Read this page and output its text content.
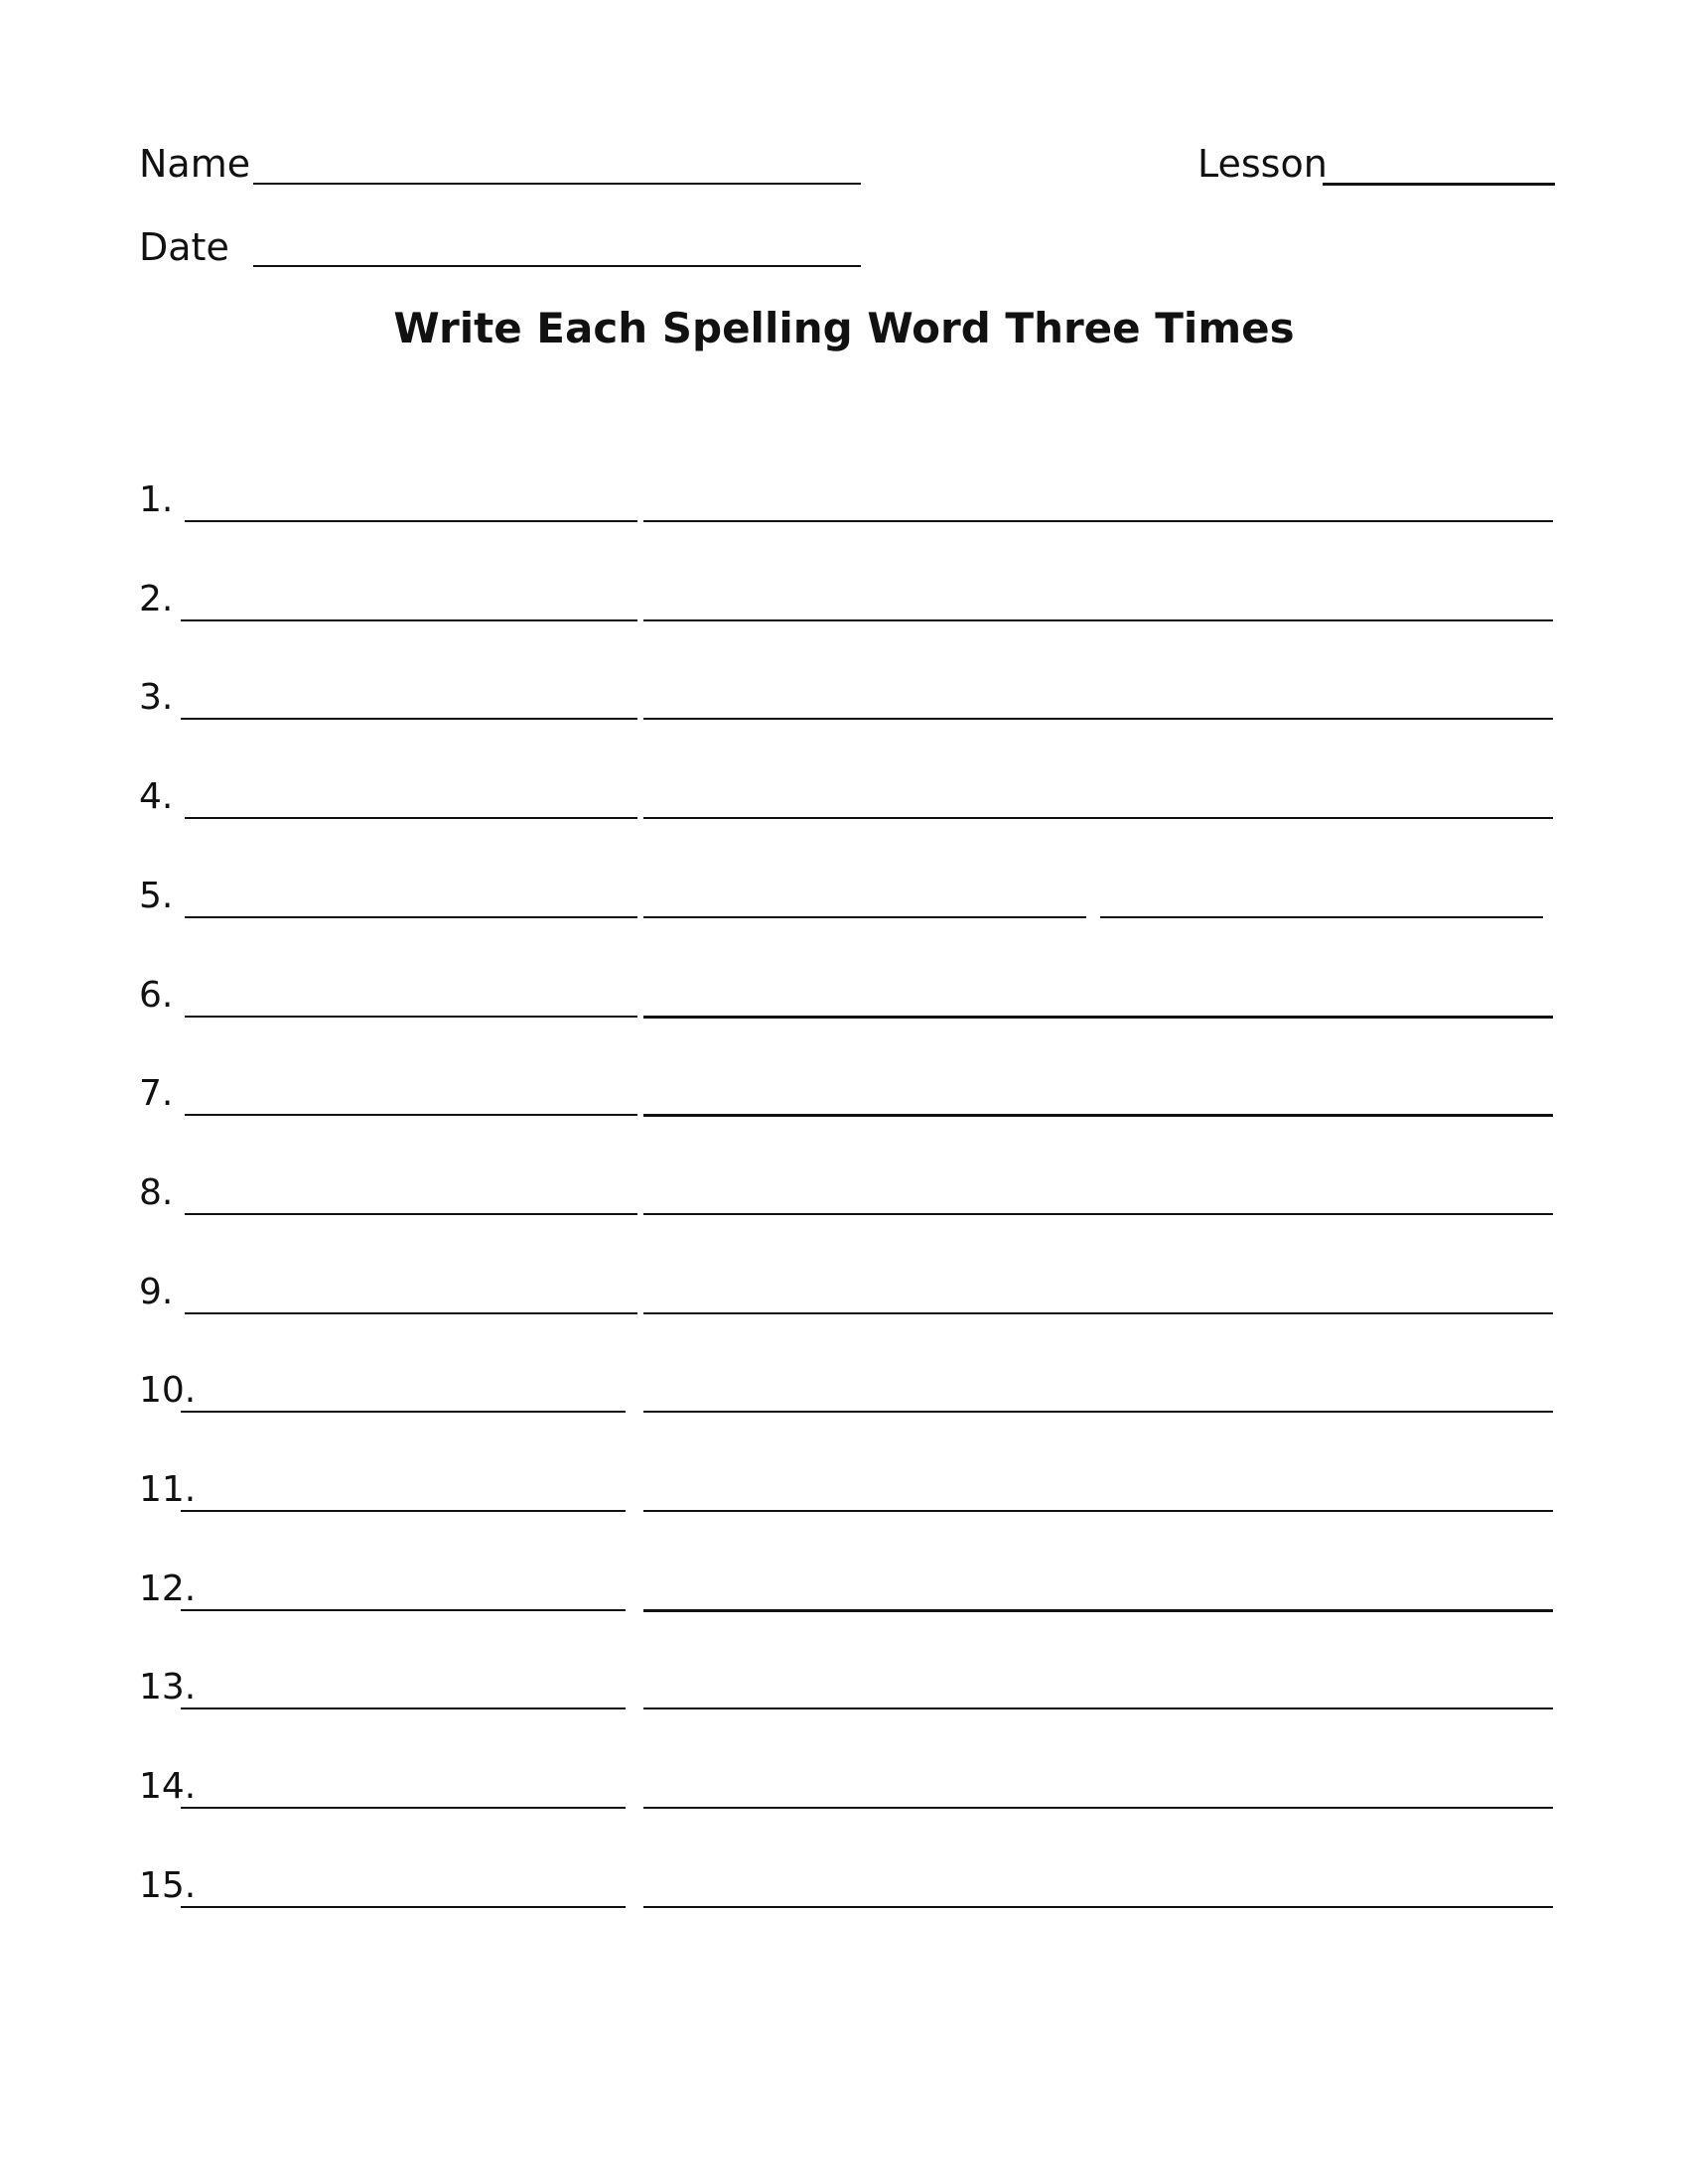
Name	Lesson
Date
Write Each Spelling Word Three Times
1.
2.
3.
4.
5.
6.
7.
8.
9.
10.
11.
12.
13.
14.
15.
